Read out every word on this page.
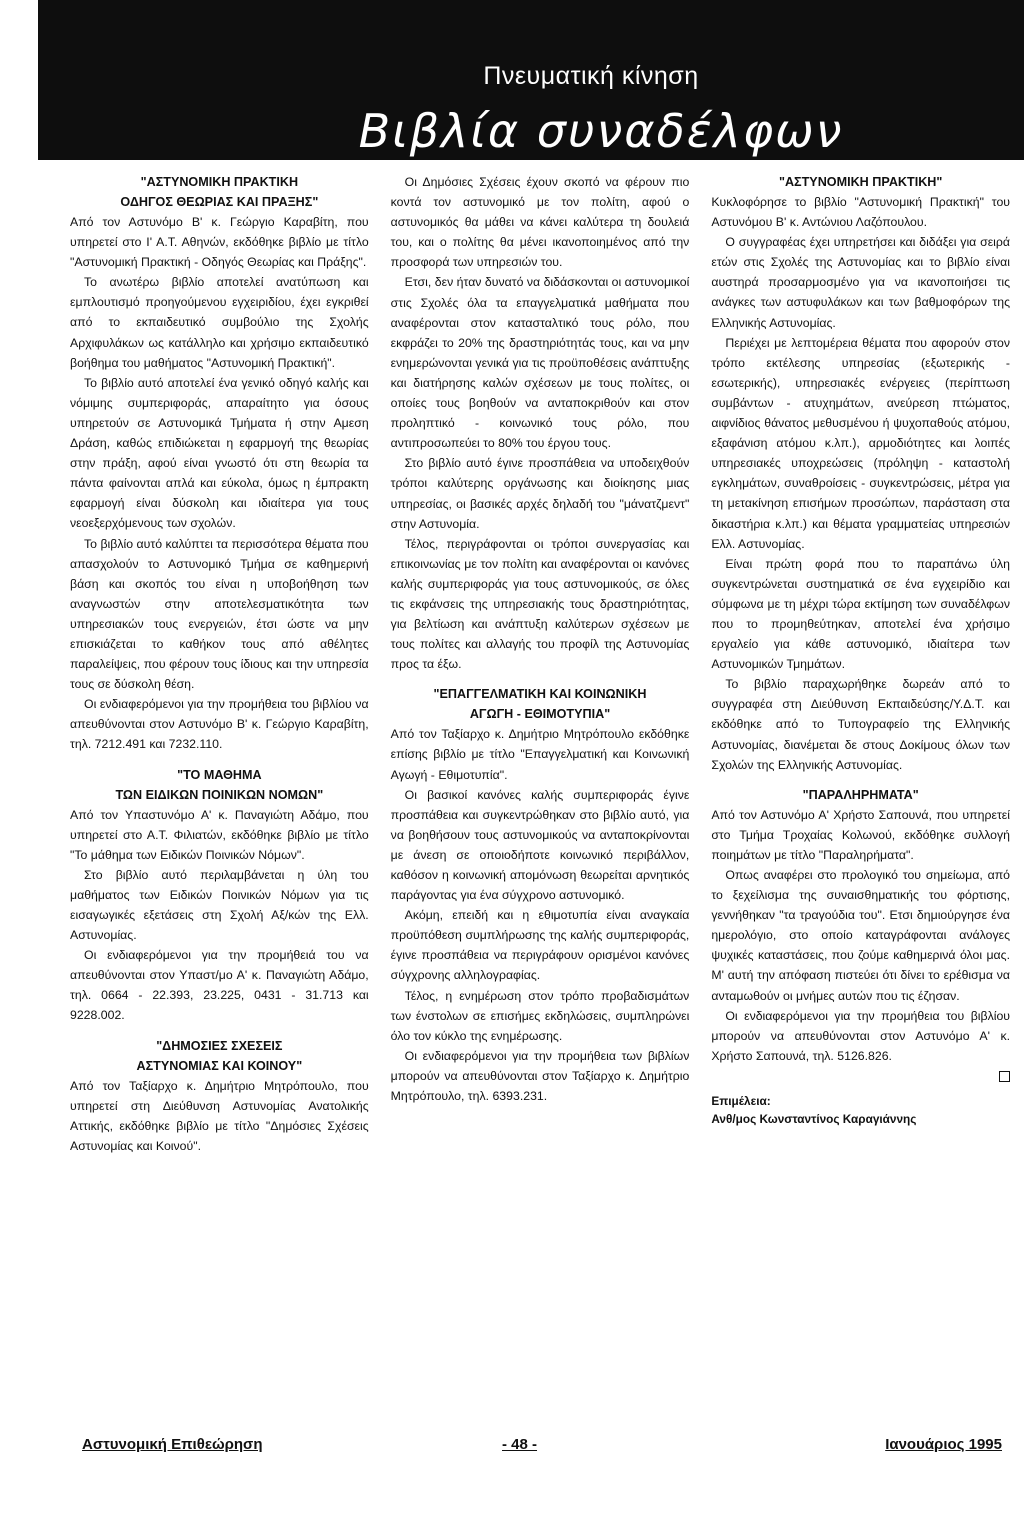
Πνευματική κίνηση
Βιβλία συναδέλφων
"ΑΣΤΥΝΟΜΙΚΗ ΠΡΑΚΤΙΚΗ
ΟΔΗΓΟΣ ΘΕΩΡΙΑΣ ΚΑΙ ΠΡΑΞΗΣ"

Από τον Αστυνόμο Β' κ. Γεώργιο Καραβίτη, που υπηρετεί στο Ι' Α.Τ. Αθηνών, εκδόθηκε βιβλίο με τίτλο "Αστυνομική Πρακτική - Οδηγός Θεωρίας και Πράξης".

Το ανωτέρω βιβλίο αποτελεί ανατύπωση και εμπλουτισμό προηγούμενου εγχειριδίου, έχει εγκριθεί από το εκπαιδευτικό συμβούλιο της Σχολής Αρχιφυλάκων ως κατάλληλο και χρήσιμο εκπαιδευτικό βοήθημα του μαθήματος "Αστυνομική Πρακτική".

Το βιβλίο αυτό αποτελεί ένα γενικό οδηγό καλής και νόμιμης συμπεριφοράς, απαραίτητο για όσους υπηρετούν σε Αστυνομικά Τμήματα ή στην Αμεση Δράση, καθώς επιδιώκεται η εφαρμογή της θεωρίας στην πράξη, αφού είναι γνωστό ότι στη θεωρία τα πάντα φαίνονται απλά και εύκολα, όμως η έμπρακτη εφαρμογή είναι δύσκολη και ιδιαίτερα για τους νεοεξερχόμενους των σχολών.

Το βιβλίο αυτό καλύπτει τα περισσότερα θέματα που απασχολούν το Αστυνομικό Τμήμα σε καθημερινή βάση και σκοπός του είναι η υποβοήθηση των αναγνωστών στην αποτελεσματικότητα των υπηρεσιακών τους ενεργειών, έτσι ώστε να μην επισκιάζεται το καθήκον τους από αθέλητες παραλείψεις, που φέρουν τους ίδιους και την υπηρεσία τους σε δύσκολη θέση.

Οι ενδιαφερόμενοι για την προμήθεια του βιβλίου να απευθύνονται στον Αστυνόμο Β' κ. Γεώργιο Καραβίτη, τηλ. 7212.491 και 7232.110.

"ΤΟ ΜΑΘΗΜΑ
ΤΩΝ ΕΙΔΙΚΩΝ ΠΟΙΝΙΚΩΝ ΝΟΜΩΝ"

Από τον Υπαστυνόμο Α' κ. Παναγιώτη Αδάμο, που υπηρετεί στο Α.Τ. Φιλιατών, εκδόθηκε βιβλίο με τίτλο "Το μάθημα των Ειδικών Ποινικών Νόμων".

Στο βιβλίο αυτό περιλαμβάνεται η ύλη του μαθήματος των Ειδικών Ποινικών Νόμων για τις εισαγωγικές εξετάσεις στη Σχολή Αξ/κών της Ελλ. Αστυνομίας.

Οι ενδιαφερόμενοι για την προμήθειά του να απευθύνονται στον Υπαστ/μο Α' κ. Παναγιώτη Αδάμο, τηλ. 0664 - 22.393, 23.225, 0431 - 31.713 και 9228.002.

"ΔΗΜΟΣΙΕΣ ΣΧΕΣΕΙΣ
ΑΣΤΥΝΟΜΙΑΣ ΚΑΙ ΚΟΙΝΟΥ"

Από τον Ταξίαρχο κ. Δημήτριο Μητρόπουλο, που υπηρετεί στη Διεύθυνση Αστυνομίας Ανατολικής Αττικής, εκδόθηκε βιβλίο με τίτλο "Δημόσιες Σχέσεις Αστυνομίας και Κοινού".

Οι Δημόσιες Σχέσεις έχουν σκοπό να φέρουν πιο κοντά τον αστυνομικό με τον πολίτη, αφού ο αστυνομικός θα μάθει να κάνει καλύτερα τη δουλειά του, και ο πολίτης θα μένει ικανοποιημένος από την προσφορά των υπηρεσιών του.

Ετσι, δεν ήταν δυνατό να διδάσκονται οι αστυνομικοί στις Σχολές όλα τα επαγγελματικά μαθήματα που αναφέρονται στον κατασταλτικό τους ρόλο, που εκφράζει το 20% της δραστηριότητάς τους, και να μην ενημερώνονται γενικά για τις προϋποθέσεις ανάπτυξης και διατήρησης καλών σχέσεων με τους πολίτες, οι οποίες τους βοηθούν να ανταποκριθούν και στον προληπτικό - κοινωνικό τους ρόλο, που αντιπροσωπεύει το 80% του έργου τους.

Στο βιβλίο αυτό έγινε προσπάθεια να υποδειχθούν τρόποι καλύτερης οργάνωσης και διοίκησης μιας υπηρεσίας, οι βασικές αρχές δηλαδή του "μάνατζμεντ" στην Αστυνομία.

Τέλος, περιγράφονται οι τρόποι συνεργασίας και επικοινωνίας με τον πολίτη και αναφέρονται οι κανόνες καλής συμπεριφοράς για τους αστυνομικούς, σε όλες τις εκφάνσεις της υπηρεσιακής τους δραστηριότητας, για βελτίωση και ανάπτυξη καλύτερων σχέσεων με τους πολίτες και αλλαγής του προφίλ της Αστυνομίας προς τα έξω.

"ΕΠΑΓΓΕΛΜΑΤΙΚΗ ΚΑΙ ΚΟΙΝΩΝΙΚΗ
ΑΓΩΓΗ - ΕΘΙΜΟΤΥΠΙΑ"

Από τον Ταξίαρχο κ. Δημήτριο Μητρόπουλο εκδόθηκε επίσης βιβλίο με τίτλο "Επαγγελματική και Κοινωνική Αγωγή - Εθιμοτυπία".

Οι βασικοί κανόνες καλής συμπεριφοράς έγινε προσπάθεια και συγκεντρώθηκαν στο βιβλίο αυτό, για να βοηθήσουν τους αστυνομικούς να ανταποκρίνονται με άνεση σε οποιοδήποτε κοινωνικό περιβάλλον, καθόσον η κοινωνική απομόνωση θεωρείται αρνητικός παράγοντας για ένα σύγχρονο αστυνομικό.

Ακόμη, επειδή και η εθιμοτυπία είναι αναγκαία προϋπόθεση συμπλήρωσης της καλής συμπεριφοράς, έγινε προσπάθεια να περιγράφουν ορισμένοι κανόνες σύγχρονης αλληλογραφίας.

Τέλος, η ενημέρωση στον τρόπο προβαδισμάτων των ένστολων σε επισήμες εκδηλώσεις, συμπληρώνει όλο τον κύκλο της ενημέρωσης.

Οι ενδιαφερόμενοι για την προμήθεια των βιβλίων μπορούν να απευθύνονται στον Ταξίαρχο κ. Δημήτριο Μητρόπουλο, τηλ. 6393.231.

"ΑΣΤΥΝΟΜΙΚΗ ΠΡΑΚΤΙΚΗ"

Κυκλοφόρησε το βιβλίο "Αστυνομική Πρακτική" του Αστυνόμου Β' κ. Αντώνιου Λαζόπουλου.

Ο συγγραφέας έχει υπηρετήσει και διδάξει για σειρά ετών στις Σχολές της Αστυνομίας και το βιβλίο είναι αυστηρά προσαρμοσμένο για να ικανοποιήσει τις ανάγκες των αστυφυλάκων και των βαθμοφόρων της Ελληνικής Αστυνομίας.

Περιέχει με λεπτομέρεια θέματα που αφορούν στον τρόπο εκτέλεσης υπηρεσίας (εξωτερικής - εσωτερικής), υπηρεσιακές ενέργειες (περίπτωση συμβάντων - ατυχημάτων, ανεύρεση πτώματος, αιφνίδιος θάνατος μεθυσμένου ή ψυχοπαθούς ατόμου, εξαφάνιση ατόμου κ.λπ.), αρμοδιότητες και λοιπές υπηρεσιακές υποχρεώσεις (πρόληψη - καταστολή εγκλημάτων, συναθροίσεις - συγκεντρώσεις, μέτρα για τη μετακίνηση επισήμων προσώπων, παράσταση στα δικαστήρια κ.λπ.) και θέματα γραμματείας υπηρεσιών Ελλ. Αστυνομίας.

Είναι πρώτη φορά που το παραπάνω ύλη συγκεντρώνεται συστηματικά σε ένα εγχειρίδιο και σύμφωνα με τη μέχρι τώρα εκτίμηση των συναδέλφων που το προμηθεύτηκαν, αποτελεί ένα χρήσιμο εργαλείο για κάθε αστυνομικό, ιδιαίτερα των Αστυνομικών Τμημάτων.

Το βιβλίο παραχωρήθηκε δωρεάν από το συγγραφέα στη Διεύθυνση Εκπαιδεύσης/Υ.Δ.Τ. και εκδόθηκε από το Τυπογραφείο της Ελληνικής Αστυνομίας, διανέμεται δε στους Δοκίμους όλων των Σχολών της Ελληνικής Αστυνομίας.

"ΠΑΡΑΛΗΡΗΜΑΤΑ"

Από τον Αστυνόμο Α' Χρήστο Σαπουνά, που υπηρετεί στο Τμήμα Τροχαίας Κολωνού, εκδόθηκε συλλογή ποιημάτων με τίτλο "Παραληρήματα".

Οπως αναφέρει στο προλογικό του σημείωμα, από το ξεχείλισμα της συναισθηματικής του φόρτισης, γεννήθηκαν "τα τραγούδια του". Ετσι δημιούργησε ένα ημερολόγιο, στο οποίο καταγράφονται ανάλογες ψυχικές καταστάσεις, που ζούμε καθημερινά όλοι μας. Μ' αυτή την απόφαση πιστεύει ότι δίνει το ερέθισμα να ανταμωθούν οι μνήμες αυτών που τις έζησαν.

Οι ενδιαφερόμενοι για την προμήθεια του βιβλίου μπορούν να απευθύνονται στον Αστυνόμο Α' κ. Χρήστο Σαπουνά, τηλ. 5126.826.

Επιμέλεια:
Ανθ/μος Κωνσταντίνος Καραγιάννης
Αστυνομική Επιθεώρηση	- 48 -	Ιανουάριος 1995
